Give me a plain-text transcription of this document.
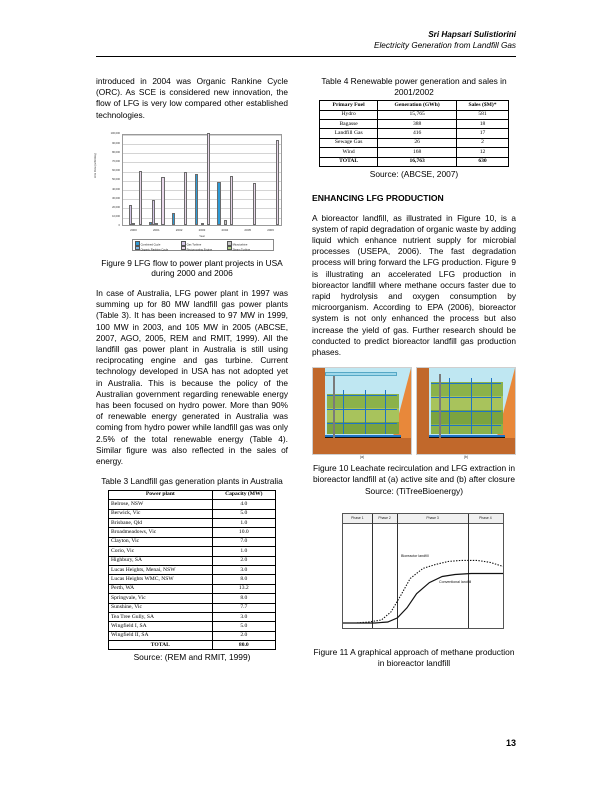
Sri Hapsari Sulistiorini
Electricity Generation from Landfill Gas

introduced in 2004 was Organic Rankine Cycle (ORC). As SCE is considered new innovation, the flow of LFG is very low compared other established technologies.

LFG Flow (scfm/day)
0
10,000
20,000
30,000
40,000
50,000
60,000
70,000
80,000
90,000
100,000
2000	2001	2002	2003	2004	2005	2006
Year
Combined Cycle	Gas Turbine	Microturbine
Organic Rankine Cycle	Reciprocating Engine	Steam Turbine

Figure 9 LFG flow to power plant projects in USA during 2000 and 2006

In case of Australia, LFG power plant in 1997 was summing up for 80 MW landfill gas power plants (Table 3). It has been increased to 97 MW in 1999, 100 MW in 2003, and 105 MW in 2005 (ABCSE, 2007, AGO, 2005, REM and RMIT, 1999). All the landfill gas power plant in Australia is still using reciprocating engine and gas turbine. Current technology developed in USA has not adopted yet in Australia. This is because the policy of the Australian government regarding renewable energy has been focused on hydro power. More than 90% of renewable energy generated in Australia was coming from hydro power while landfill gas was only 2.5% of the total renewable energy (Table 4). Similar figure was also reflected in the sales of energy.

Table 3 Landfill gas generation plants in Australia

Power plant	Capacity (MW)
Belrose, NSW	4.0
Berwick, Vic	5.0
Brisbane, Qld	1.0
Broadmeadows, Vic	10.0
Clayton, Vic	7.0
Corio, Vic	1.0
Highbury, SA	2.0
Lucas Heights, Menai, NSW	3.0
Lucas Heights WMC, NSW	8.0
Perth, WA	13.2
Springvale, Vic	8.0
Sunshine, Vic	7.7
Tea Tree Gully, SA	3.0
Wingfield I, SA	5.0
Wingfield II, SA	2.0
TOTAL	80.0

Source: (REM and RMIT, 1999)

Table 4 Renewable power generation and sales in 2001/2002

Primary Fuel	Generation (GWh)	Sales ($M)*
Hydro	15,765	581
Bagasse	388	18
Landfill Gas	416	17
Sewage Gas	26	2
Wind	168	12
TOTAL	16,763	630

Source: (ABCSE, 2007)

ENHANCING LFG PRODUCTION

A bioreactor landfill, as illustrated in Figure 10, is a system of rapid degradation of organic waste by adding liquid which enhance nutrient supply for microbial processes (USEPA, 2006). The fast degradation process will bring forward the LFG production. Figure 9 is illustrating an accelerated LFG production in bioreactor landfill where methane occurs faster due to rapid hydrolysis and oxygen consumption by microorganism. According to EPA (2006), bioreactor system is not only enhanced the process but also increase the yield of gas. Further research should be conducted to predict bioreactor landfill gas production phases.

(a)	(b)

Figure 10 Leachate recirculation and LFG extraction in bioreactor landfill at (a) active site and (b) after closure

Source: (TiTreeBioenergy)

Phase 1	Phase 2	Phase 3	Phase 4
Bioreactor landfill
Conventional landfill

Figure 11 A graphical approach of methane production in bioreactor landfill

13
